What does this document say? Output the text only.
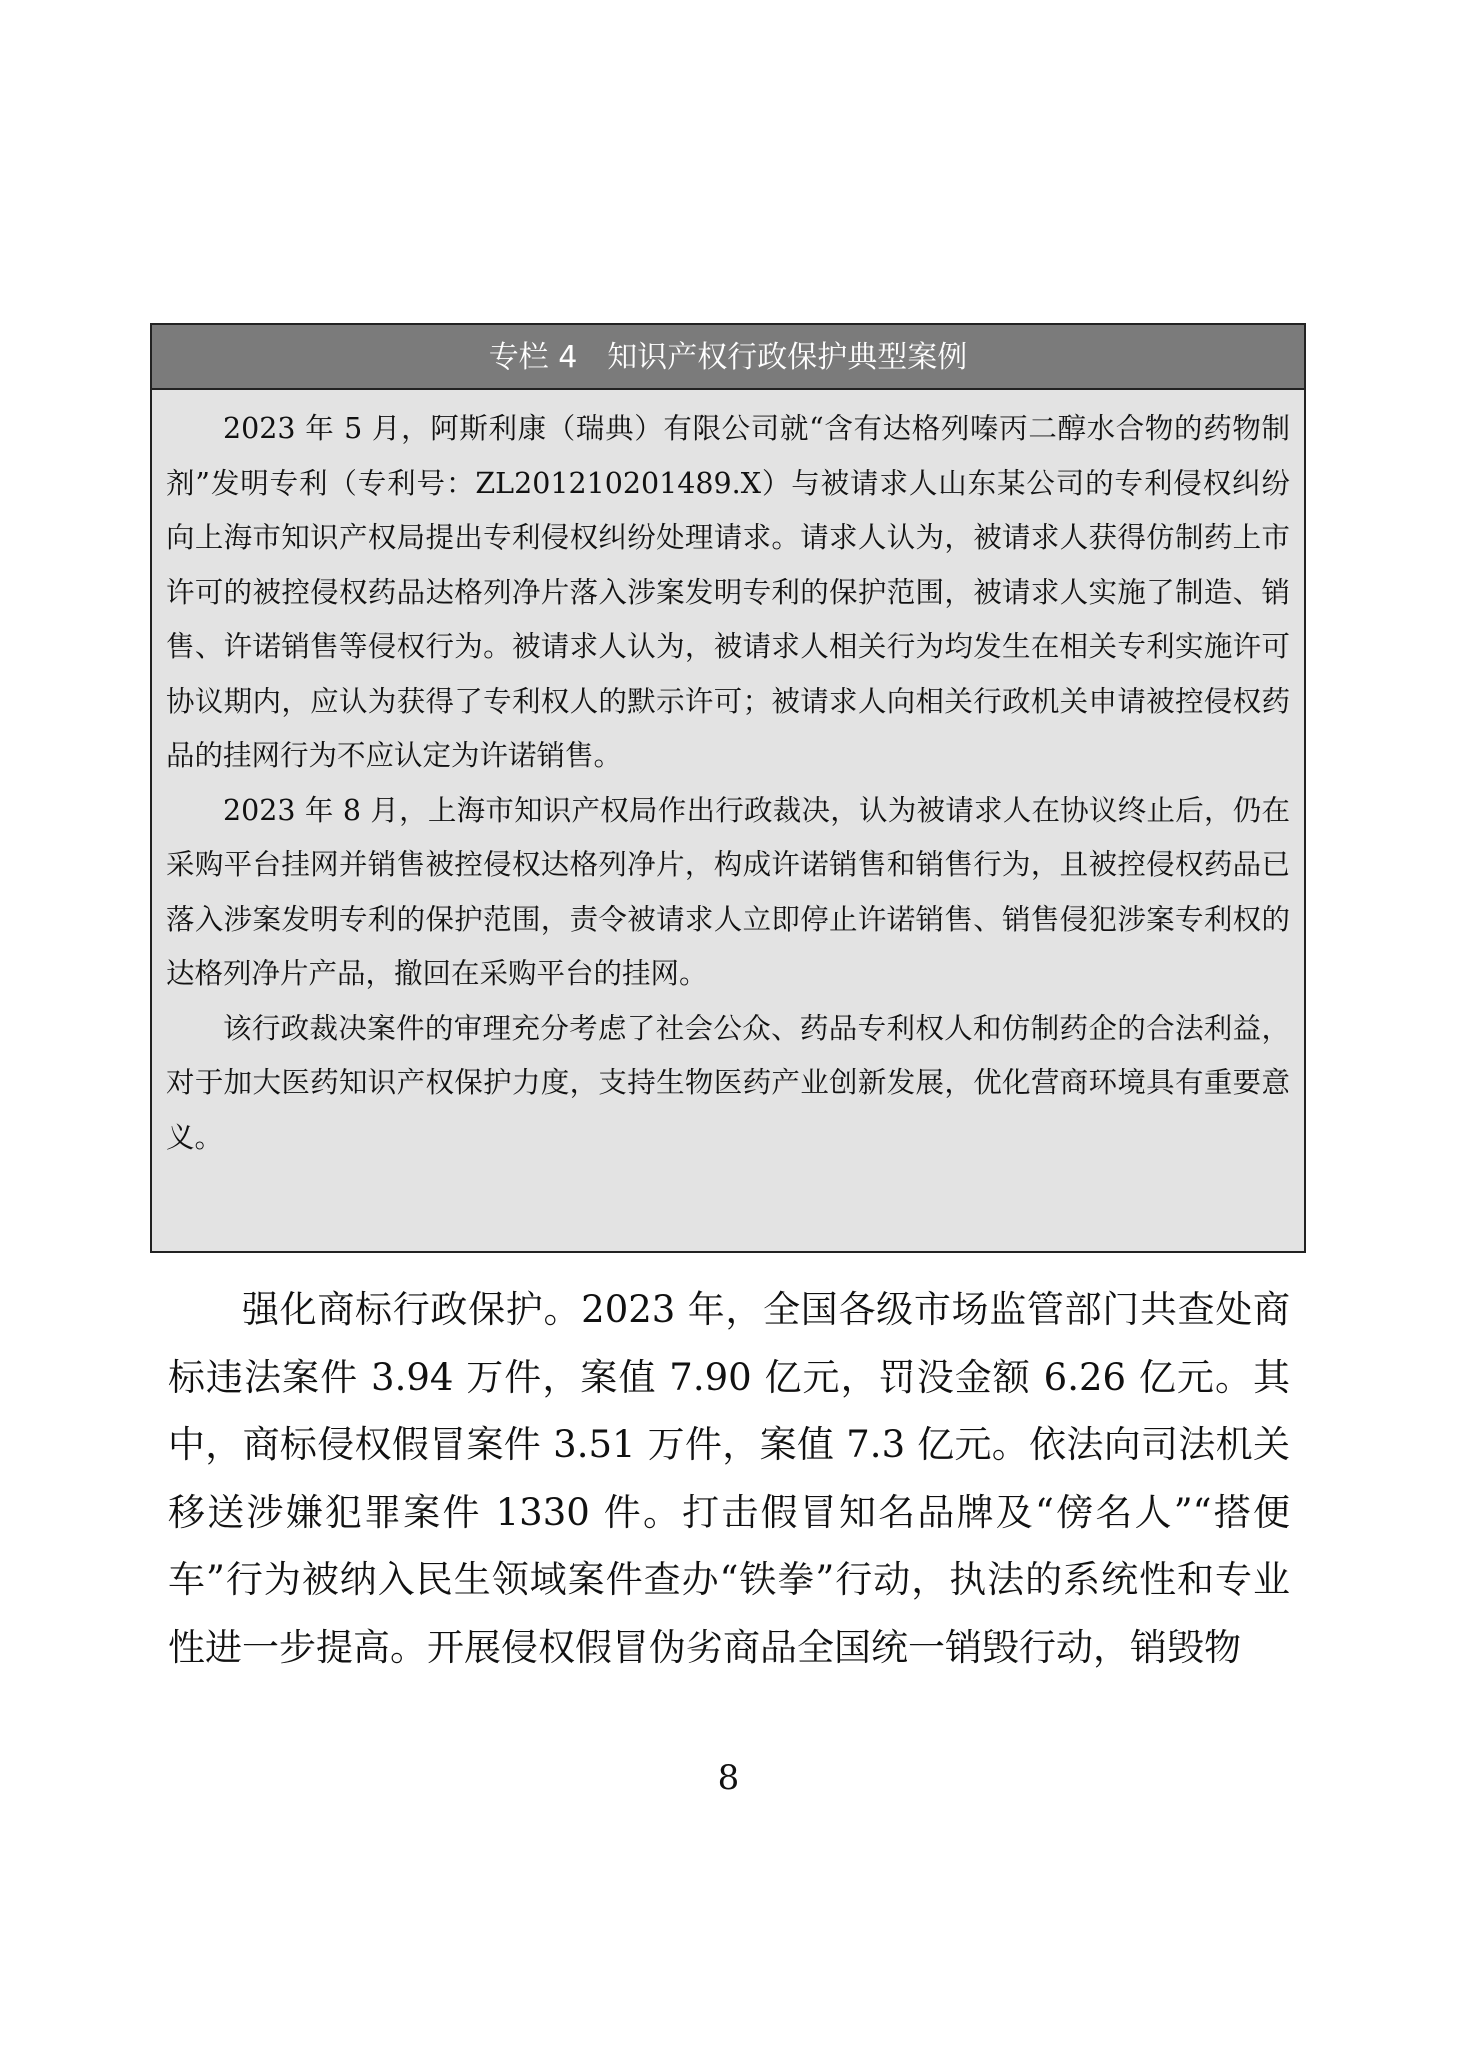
专栏 4　知识产权行政保护典型案例

2023 年 5 月，阿斯利康（瑞典）有限公司就“含有达格列嗪丙二醇水合物的药物制剂”发明专利（专利号：ZL201210201489.X）与被请求人山东某公司的专利侵权纠纷向上海市知识产权局提出专利侵权纠纷处理请求。请求人认为，被请求人获得仿制药上市许可的被控侵权药品达格列净片落入涉案发明专利的保护范围，被请求人实施了制造、销售、许诺销售等侵权行为。被请求人认为，被请求人相关行为均发生在相关专利实施许可协议期内，应认为获得了专利权人的默示许可；被请求人向相关行政机关申请被控侵权药品的挂网行为不应认定为许诺销售。

2023 年 8 月，上海市知识产权局作出行政裁决，认为被请求人在协议终止后，仍在采购平台挂网并销售被控侵权达格列净片，构成许诺销售和销售行为，且被控侵权药品已落入涉案发明专利的保护范围，责令被请求人立即停止许诺销售、销售侵犯涉案专利权的达格列净片产品，撤回在采购平台的挂网。

该行政裁决案件的审理充分考虑了社会公众、药品专利权人和仿制药企的合法利益，对于加大医药知识产权保护力度，支持生物医药产业创新发展，优化营商环境具有重要意义。

强化商标行政保护。2023 年，全国各级市场监管部门共查处商标违法案件 3.94 万件，案值 7.90 亿元，罚没金额 6.26 亿元。其中，商标侵权假冒案件 3.51 万件，案值 7.3 亿元。依法向司法机关移送涉嫌犯罪案件 1330 件。打击假冒知名品牌及“傍名人”“搭便车”行为被纳入民生领域案件查办“铁拳”行动，执法的系统性和专业性进一步提高。开展侵权假冒伪劣商品全国统一销毁行动，销毁物

8
